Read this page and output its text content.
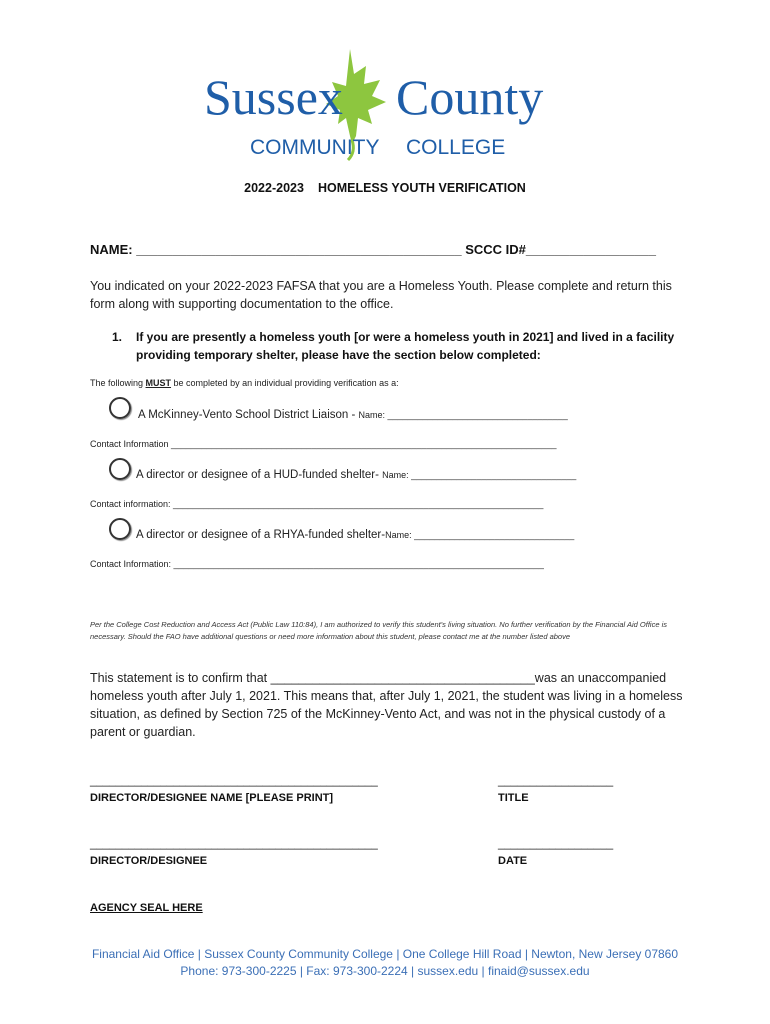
Sussex County
COMMUNITY COLLEGE
2022-2023 HOMELESS YOUTH VERIFICATION
NAME: _____________________________________________ SCCC ID#__________________
You indicated on your 2022-2023 FAFSA that you are a Homeless Youth. Please complete and return this form along with supporting documentation to the office.
1. If you are presently a homeless youth [or were a homeless youth in 2021] and lived in a facility providing temporary shelter, please have the section below completed:
The following MUST be completed by an individual providing verification as a:
A McKinney-Vento School District Liaison - Name: ____________________________________
Contact Information _____________________________________________________________________________
A director or designee of a HUD-funded shelter- Name: _________________________________
Contact information: __________________________________________________________________________
A director or designee of a RHYA-funded shelter-Name: ________________________________
Contact Information: __________________________________________________________________________
Per the College Cost Reduction and Access Act (Public Law 110:84), I am authorized to verify this student's living situation. No further verification by the Financial Aid Office is necessary. Should the FAO have additional questions or need more information about this student, please contact me at the number listed above
This statement is to confirm that ______________________________________was an unaccompanied homeless youth after July 1, 2021. This means that, after July 1, 2021, the student was living in a homeless situation, as defined by Section 725 of the McKinney-Vento Act, and was not in the physical custody of a parent or guardian.
_____________________________________________	__________________
DIRECTOR/DESIGNEE NAME [PLEASE PRINT]	TITLE
_____________________________________________	__________________
DIRECTOR/DESIGNEE	DATE
AGENCY SEAL HERE
Financial Aid Office | Sussex County Community College | One College Hill Road | Newton, New Jersey 07860
Phone: 973-300-2225 | Fax: 973-300-2224 | sussex.edu | finaid@sussex.edu
